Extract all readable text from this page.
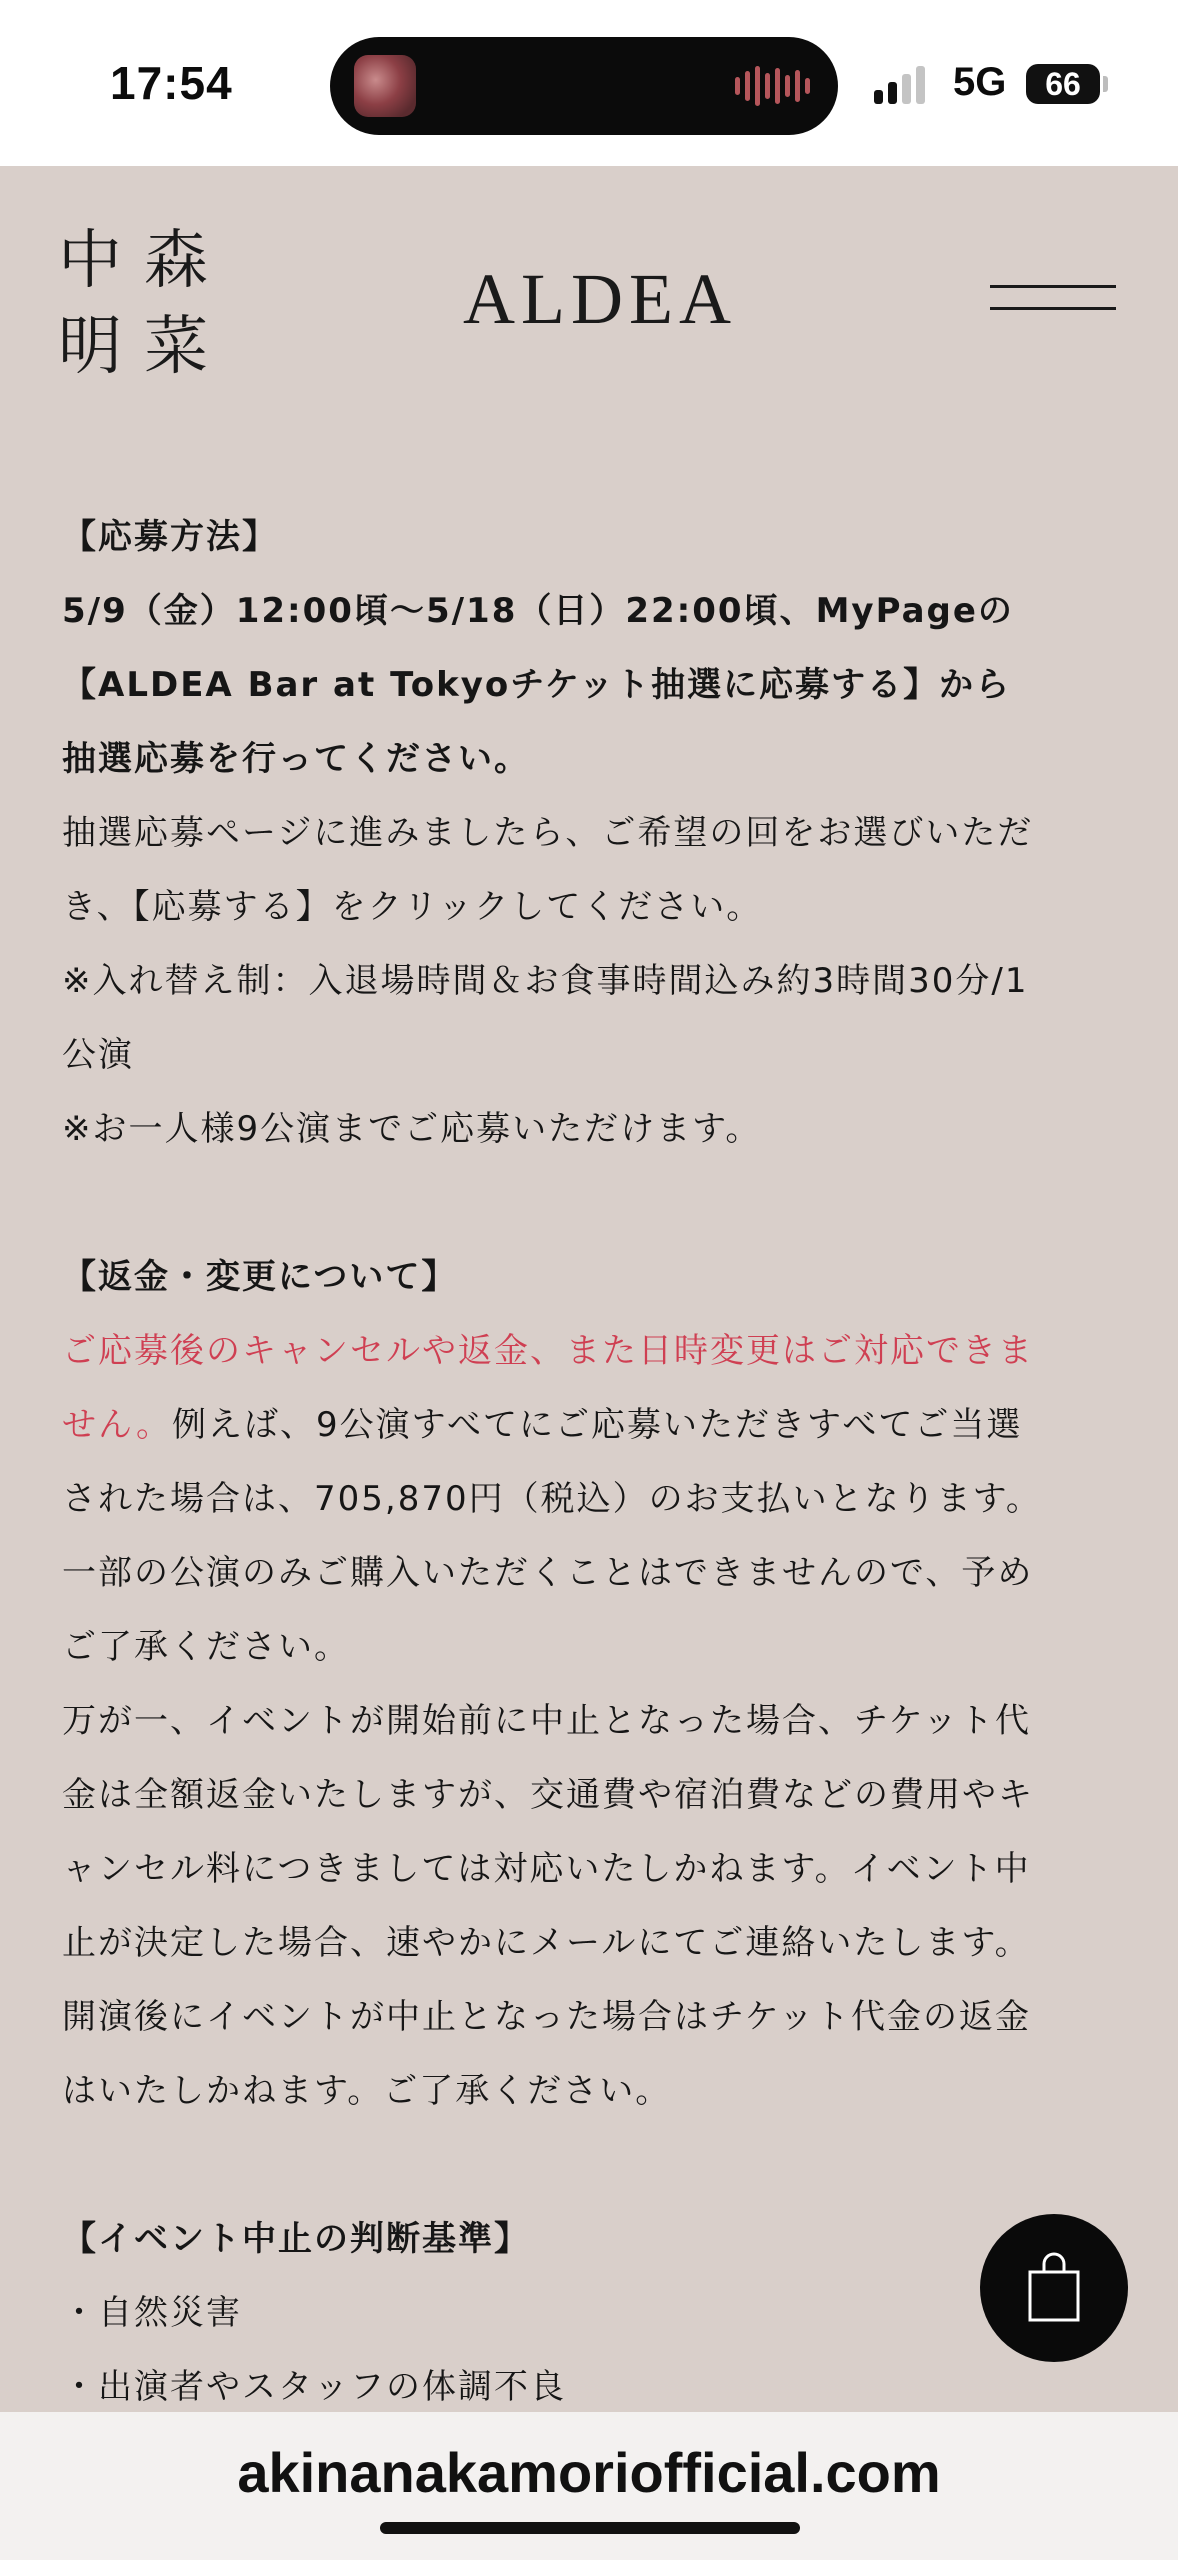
17:54	5G 66
中 森
明 菜
ALDEA
【応募方法】
5/9（金）12:00頃～5/18（日）22:00頃、MyPageの
【ALDEA Bar at Tokyoチケット抽選に応募する】から
抽選応募を行ってください。
抽選応募ページに進みましたら、ご希望の回をお選びいただ
き、【応募する】をクリックしてください。
※入れ替え制：入退場時間＆お食事時間込み約3時間30分/1
公演
※お一人様9公演までご応募いただけます。
【返金・変更について】
ご応募後のキャンセルや返金、また日時変更はご対応できま
せん。例えば、9公演すべてにご応募いただきすべてご当選
された場合は、705,870円（税込）のお支払いとなります。
一部の公演のみご購入いただくことはできませんので、予め
ご了承ください。
万が一、イベントが開始前に中止となった場合、チケット代
金は全額返金いたしますが、交通費や宿泊費などの費用やキ
ャンセル料につきましては対応いたしかねます。イベント中
止が決定した場合、速やかにメールにてご連絡いたします。
開演後にイベントが中止となった場合はチケット代金の返金
はいたしかねます。ご了承ください。
【イベント中止の判断基準】
・自然災害
・出演者やスタッフの体調不良
akinanakamoriofficial.com
